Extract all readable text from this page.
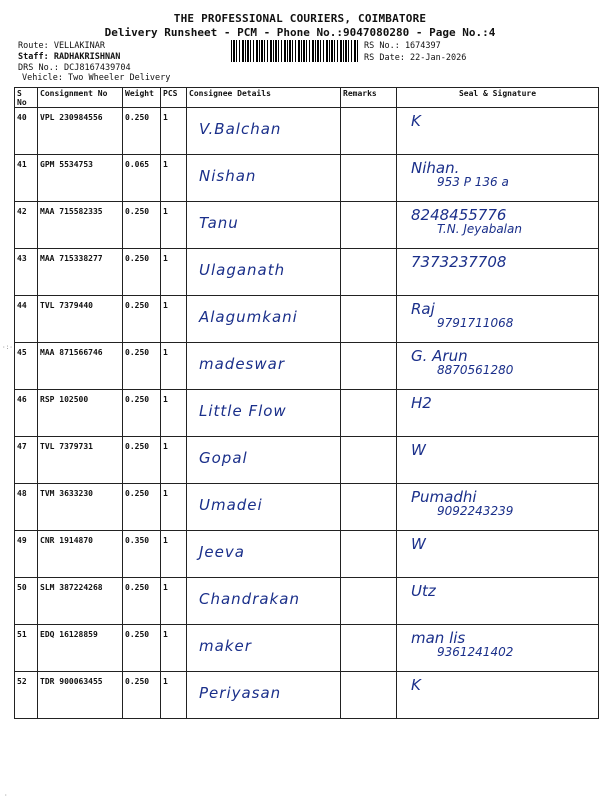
THE PROFESSIONAL COURIERS, COIMBATORE
Delivery Runsheet - PCM - Phone No.:9047080280 - Page No.:4
Route: VELLAKINAR
Staff: RADHAKRISHNAN
DRS No.: DCJ8167439704
Vehicle: Two Wheeler Delivery
RS No.: 1674397
RS Date: 22-Jan-2026
S No	Consignment No	Weight	PCS	Consignee Details	Remarks	Seal & Signature
40	VPL 230984556	0.250	1	V.Balchan		K

41	GPM 5534753	0.065	1	Nishan		Nihan.
953 P 136 a

42	MAA 715582335	0.250	1	Tanu		8248455776
T.N. Jeyabalan

43	MAA 715338277	0.250	1	Ulaganath		7373237708

44	TVL 7379440	0.250	1	Alagumkani		Raj
9791711068

45	MAA 871566746	0.250	1	madeswar		G. Arun
8870561280

46	RSP 102500	0.250	1	Little Flow		H2

47	TVL 7379731	0.250	1	Gopal		W

48	TVM 3633230	0.250	1	Umadei		Pumadhi
9092243239

49	CNR 1914870	0.350	1	Jeeva		W

50	SLM 387224268	0.250	1	Chandrakan		Utz

51	EDQ 16128859	0.250	1	maker		man lis
9361241402

52	TDR 900063455	0.250	1	Periyasan		K
·:·
·
